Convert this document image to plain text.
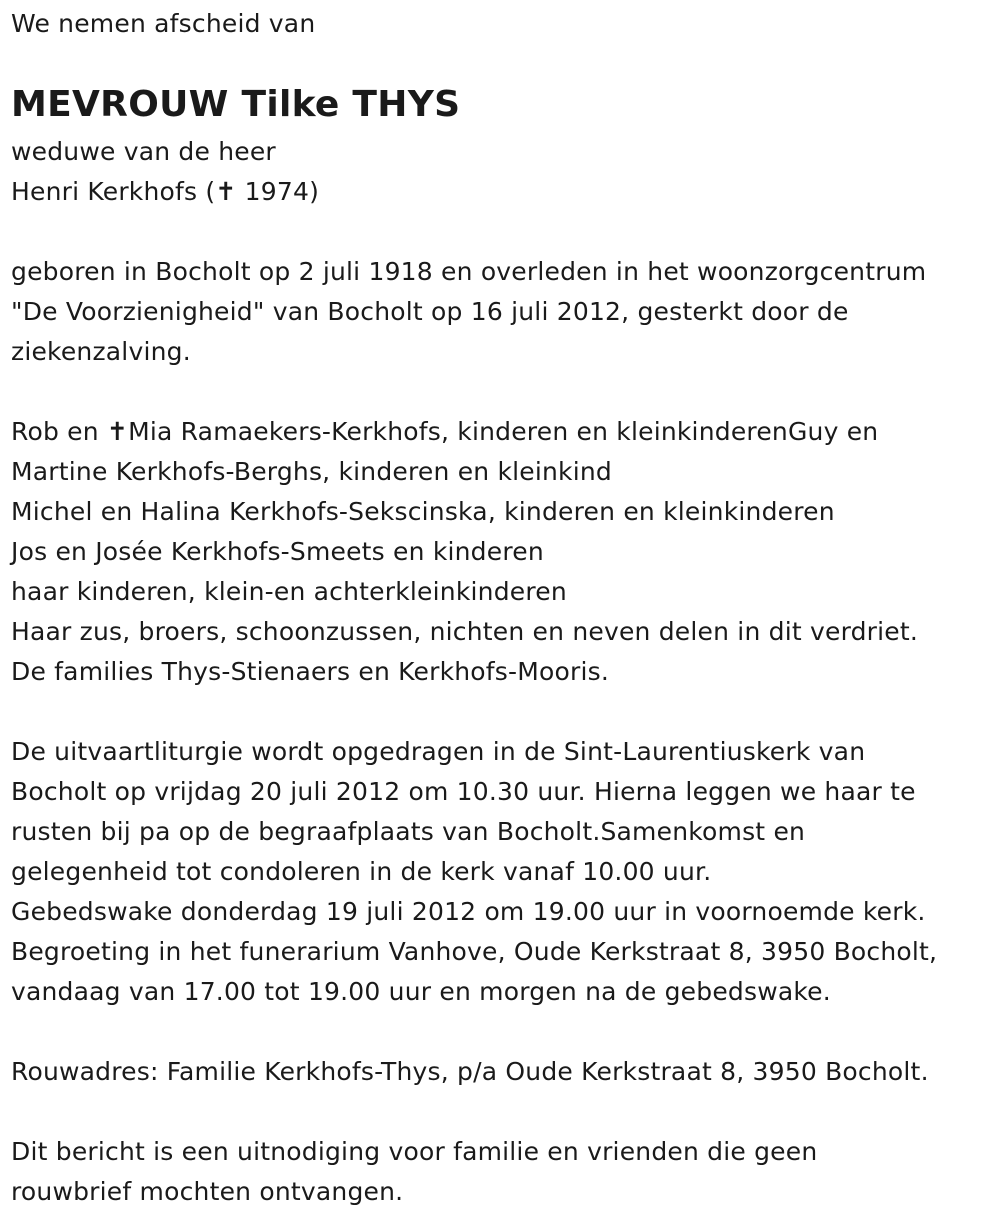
We nemen afscheid van
MEVROUW Tilke THYS
weduwe van de heer
Henri Kerkhofs (✝ 1974)
geboren in Bocholt op 2 juli 1918 en overleden in het woonzorgcentrum
"De Voorzienigheid" van Bocholt op 16 juli 2012, gesterkt door de
ziekenzalving.
Rob en ✝Mia Ramaekers-Kerkhofs, kinderen en kleinkinderenGuy en
Martine Kerkhofs-Berghs, kinderen en kleinkind
Michel en Halina Kerkhofs-Sekscinska, kinderen en kleinkinderen
Jos en Josée Kerkhofs-Smeets en kinderen
haar kinderen, klein-en achterkleinkinderen
Haar zus, broers, schoonzussen, nichten en neven delen in dit verdriet.
De families Thys-Stienaers en Kerkhofs-Mooris.
De uitvaartliturgie wordt opgedragen in de Sint-Laurentiuskerk van
Bocholt op vrijdag 20 juli 2012 om 10.30 uur. Hierna leggen we haar te
rusten bij pa op de begraafplaats van Bocholt.Samenkomst en
gelegenheid tot condoleren in de kerk vanaf 10.00 uur.
Gebedswake donderdag 19 juli 2012 om 19.00 uur in voornoemde kerk.
Begroeting in het funerarium Vanhove, Oude Kerkstraat 8, 3950 Bocholt,
vandaag van 17.00 tot 19.00 uur en morgen na de gebedswake.
Rouwadres: Familie Kerkhofs-Thys, p/a Oude Kerkstraat 8, 3950 Bocholt.
Dit bericht is een uitnodiging voor familie en vrienden die geen
rouwbrief mochten ontvangen.
